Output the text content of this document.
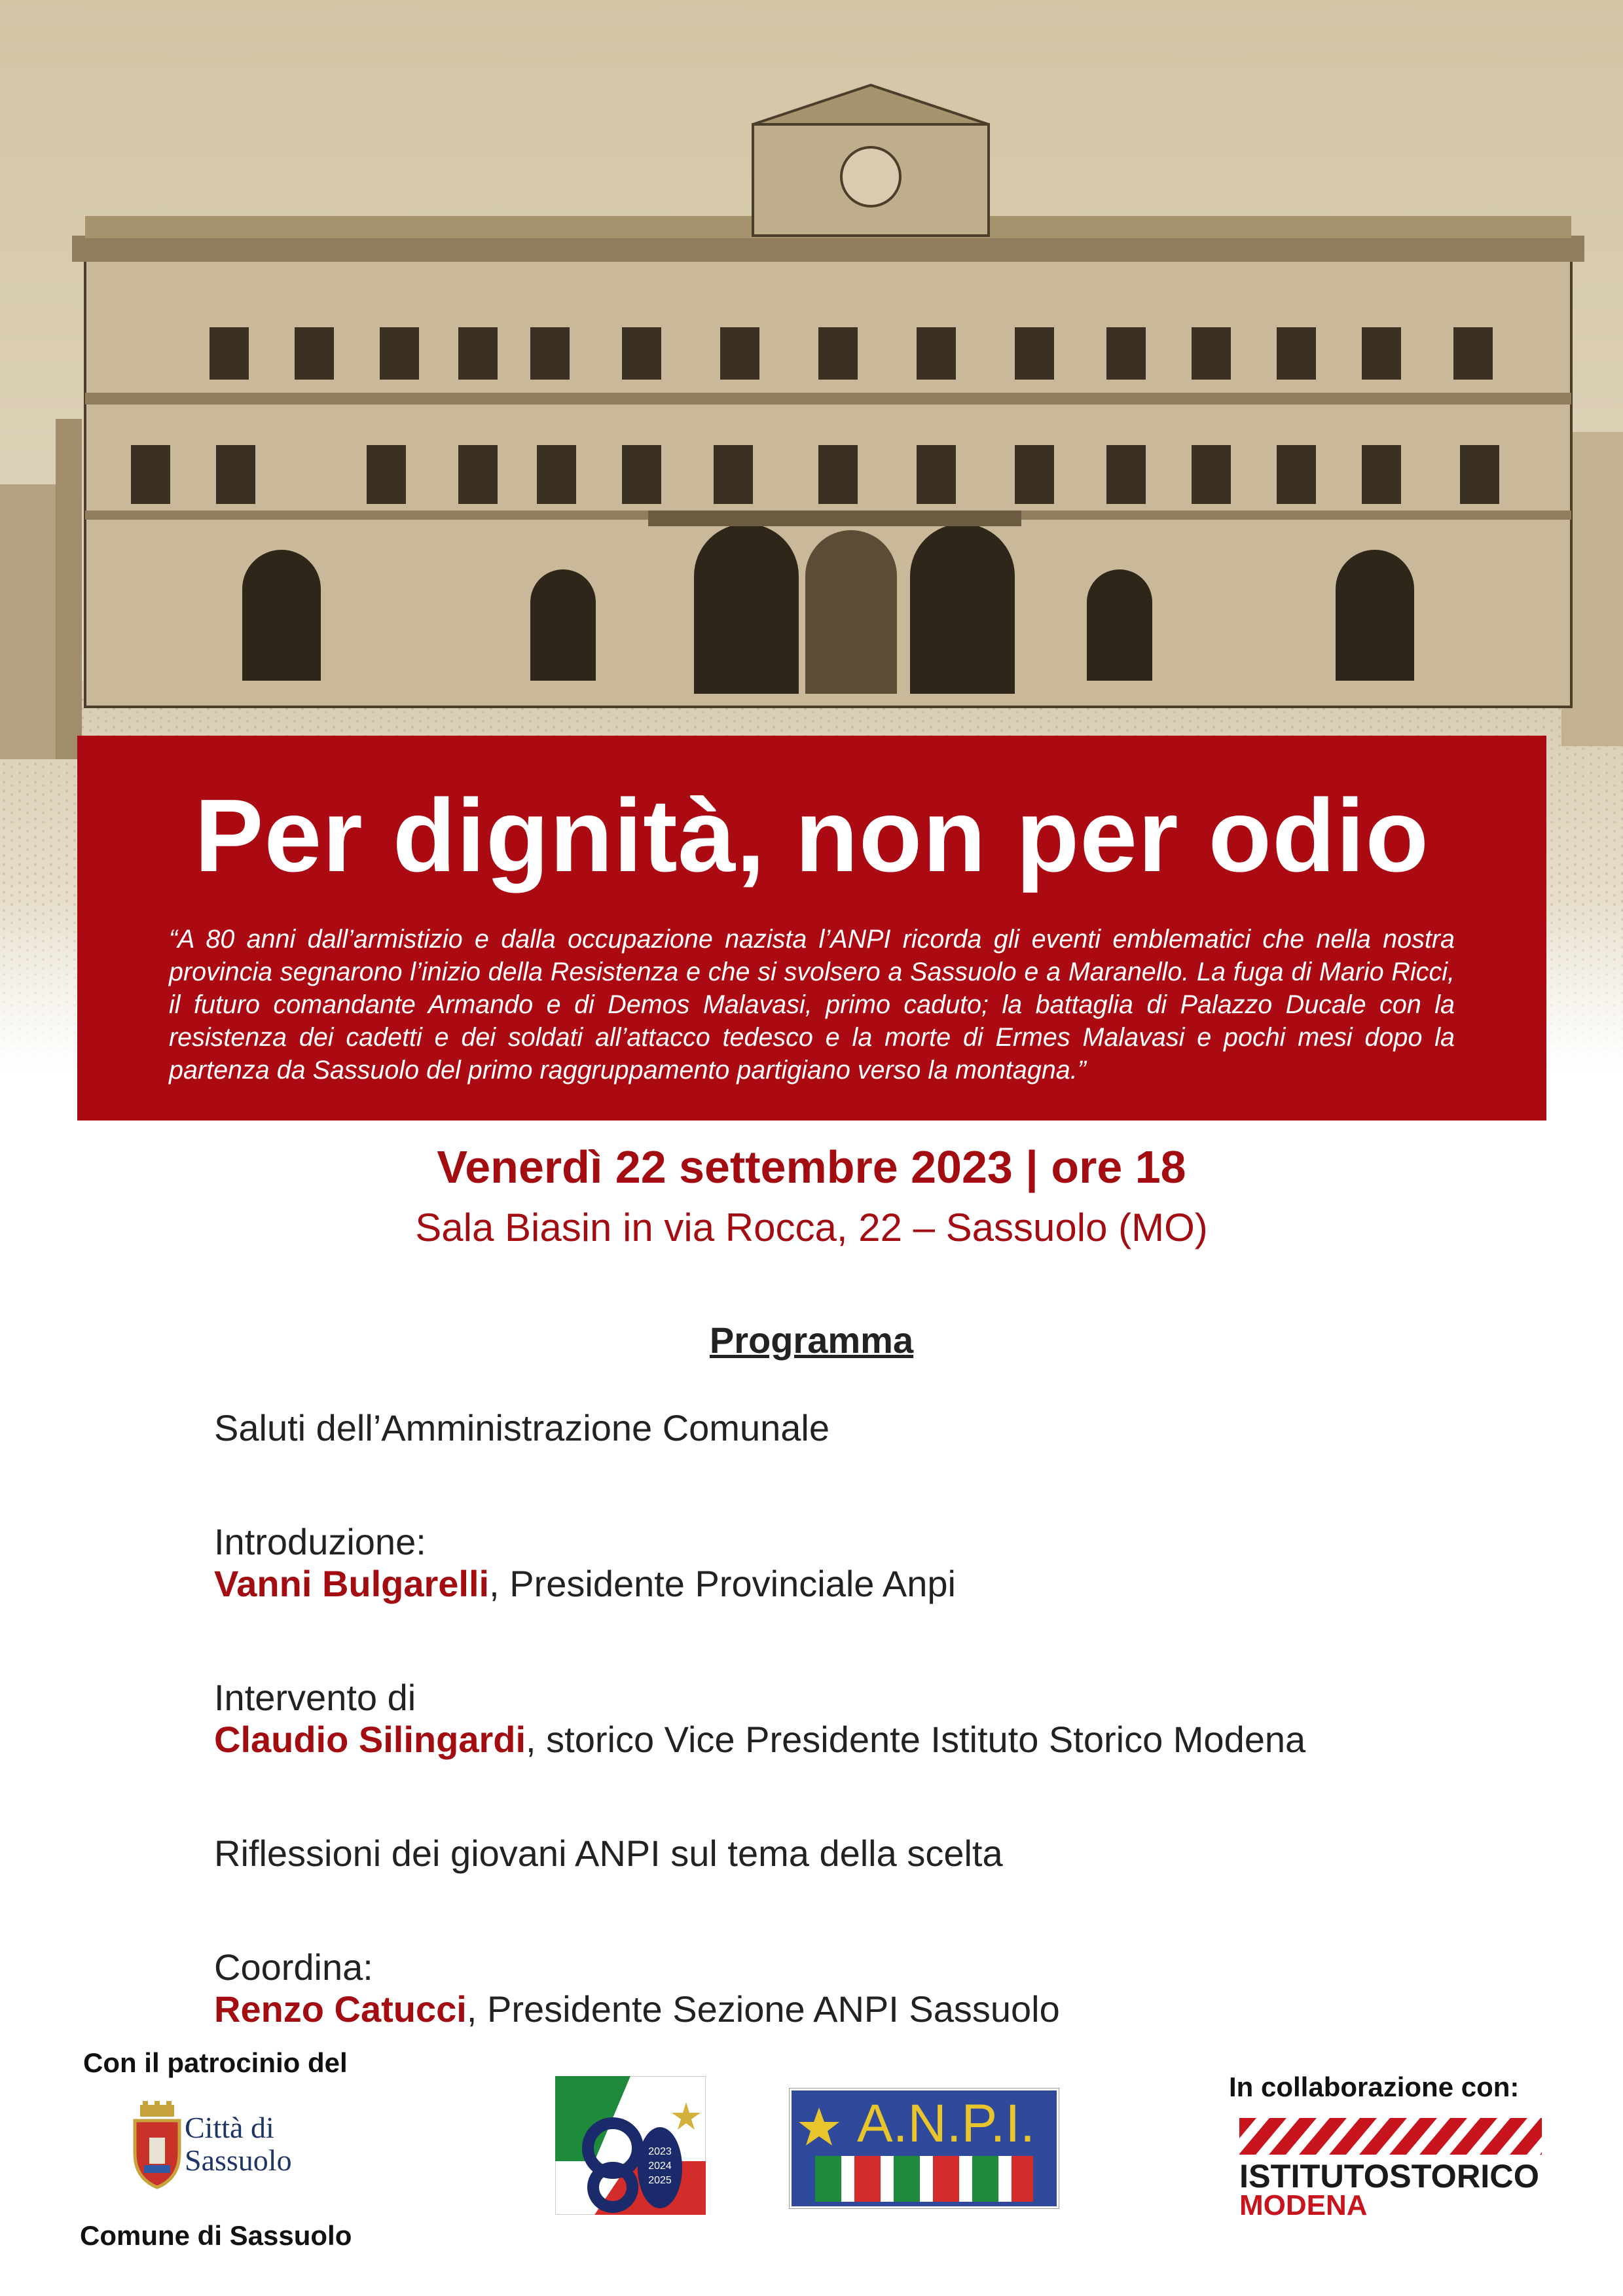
Per dignità, non per odio
“A 80 anni dall’armistizio e dalla occupazione nazista l’ANPI ricorda gli eventi emblematici che nella nostra provincia segnarono l’inizio della Resistenza e che si svolsero a Sassuolo e a Maranello. La fuga di Mario Ricci, il futuro comandante Armando e di Demos Malavasi, primo caduto; la battaglia di Palazzo Ducale con la resistenza dei cadetti e dei soldati all’attacco tedesco e la morte di Ermes Malavasi e pochi mesi dopo la partenza da Sassuolo del primo raggruppamento partigiano verso la montagna.”
Venerdì 22 settembre 2023 | ore 18
Sala Biasin in via Rocca, 22 – Sassuolo (MO)
Programma
Saluti dell’Amministrazione Comunale
Introduzione:
Vanni Bulgarelli, Presidente Provinciale Anpi
Intervento di
Claudio Silingardi, storico Vice Presidente Istituto Storico Modena
Riflessioni dei giovani ANPI sul tema della scelta
Coordina:
Renzo Catucci, Presidente Sezione ANPI Sassuolo
Con il patrocinio del
Città di
Sassuolo
Comune di Sassuolo
2023
2024
2025
A.N.P.I.
In collaborazione con:
ISTITUTOSTORICO
MODENA
